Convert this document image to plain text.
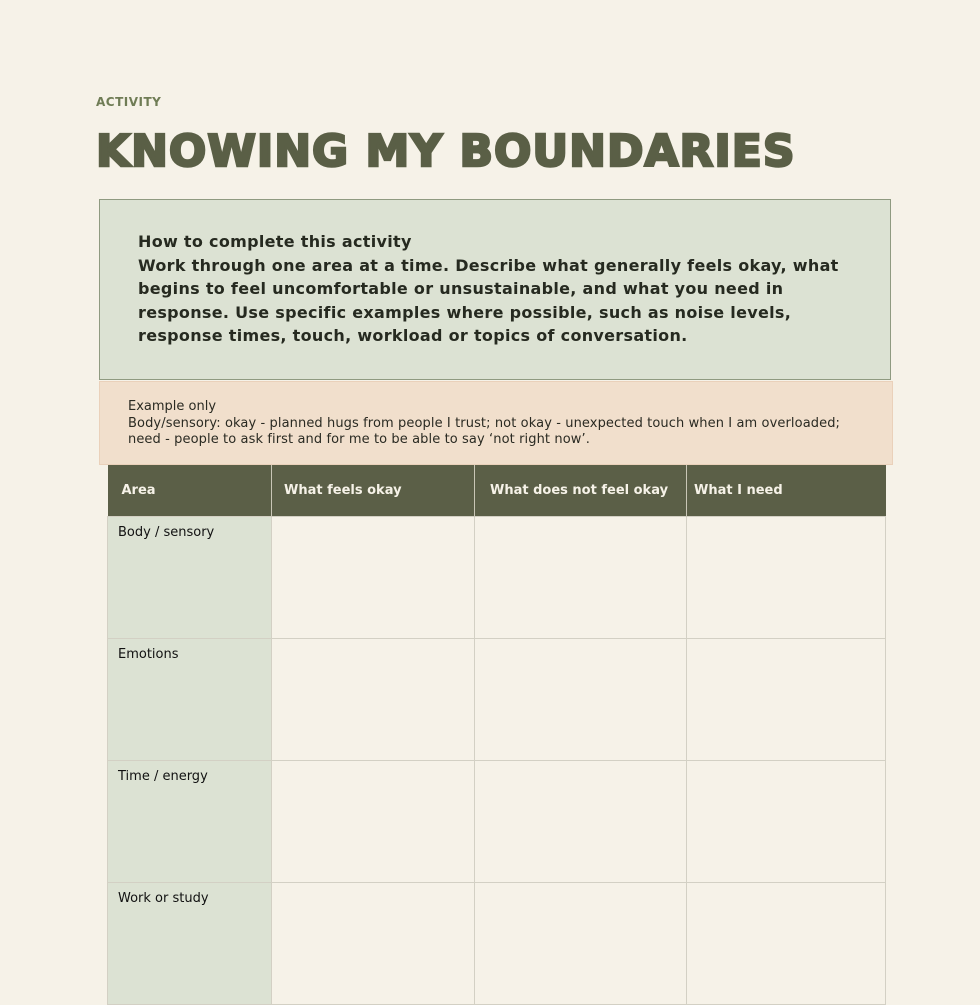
ACTIVITY
KNOWING MY BOUNDARIES
How to complete this activity
Work through one area at a time. Describe what generally feels okay, what begins to feel uncomfortable or unsustainable, and what you need in response. Use specific examples where possible, such as noise levels, response times, touch, workload or topics of conversation.
Example only
Body/sensory: okay - planned hugs from people I trust; not okay - unexpected touch when I am overloaded; need - people to ask first and for me to be able to say ‘not right now’.
Area	What feels okay	What does not feel okay	What I need
Body / sensory			
Emotions			
Time / energy			
Work or study			
